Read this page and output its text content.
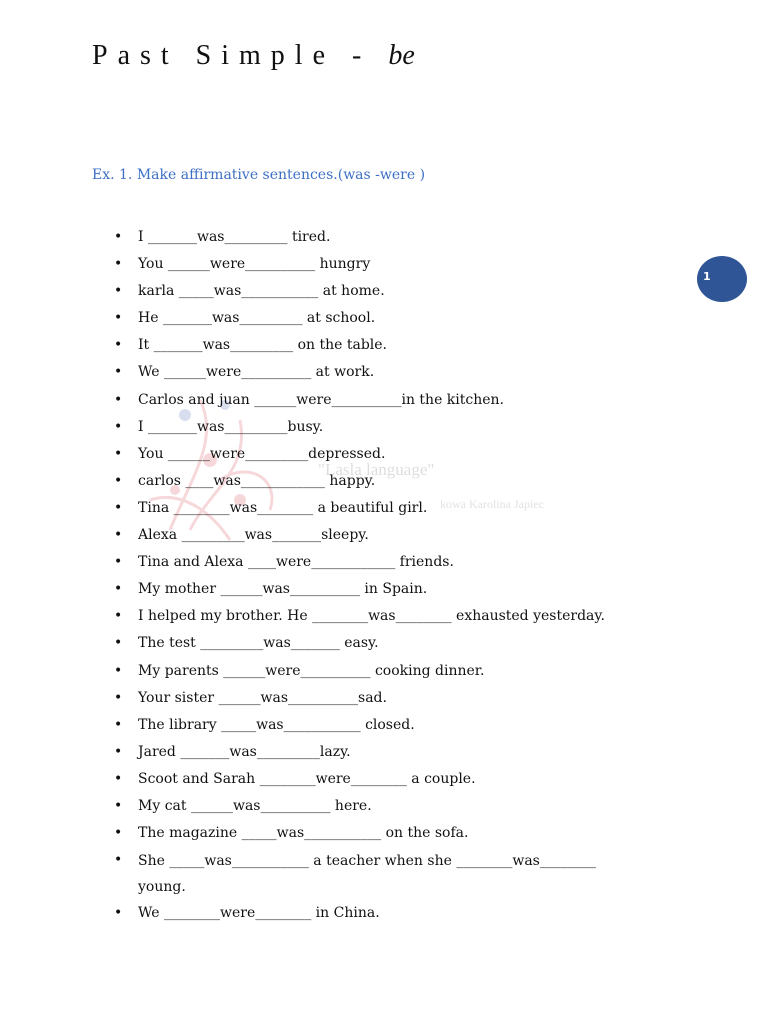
Past Simple - be
Ex. 1. Make affirmative sentences.(was -were )
"Lasla language"
kowa Karolina Japiec
• I _______was_________ tired.
• You ______were__________ hungry
• karla _____was___________ at home.
• He _______was_________ at school.
• It _______was_________ on the table.
• We ______were__________ at work.
• Carlos and juan ______were__________in the kitchen.
• I _______was_________busy.
• You ______were_________depressed.
• carlos ____was____________ happy.
• Tina ________was________ a beautiful girl.
• Alexa _________was_______sleepy.
• Tina and Alexa ____were____________ friends.
• My mother ______was__________ in Spain.
• I helped my brother. He ________was________ exhausted yesterday.
• The test _________was_______ easy.
• My parents ______were__________ cooking dinner.
• Your sister ______was__________sad.
• The library _____was___________ closed.
• Jared _______was_________lazy.
• Scoot and Sarah ________were________ a couple.
• My cat ______was__________ here.
• The magazine _____was___________ on the sofa.
• She _____was___________ a teacher when she ________was________ young.
• We ________were________ in China.
1
